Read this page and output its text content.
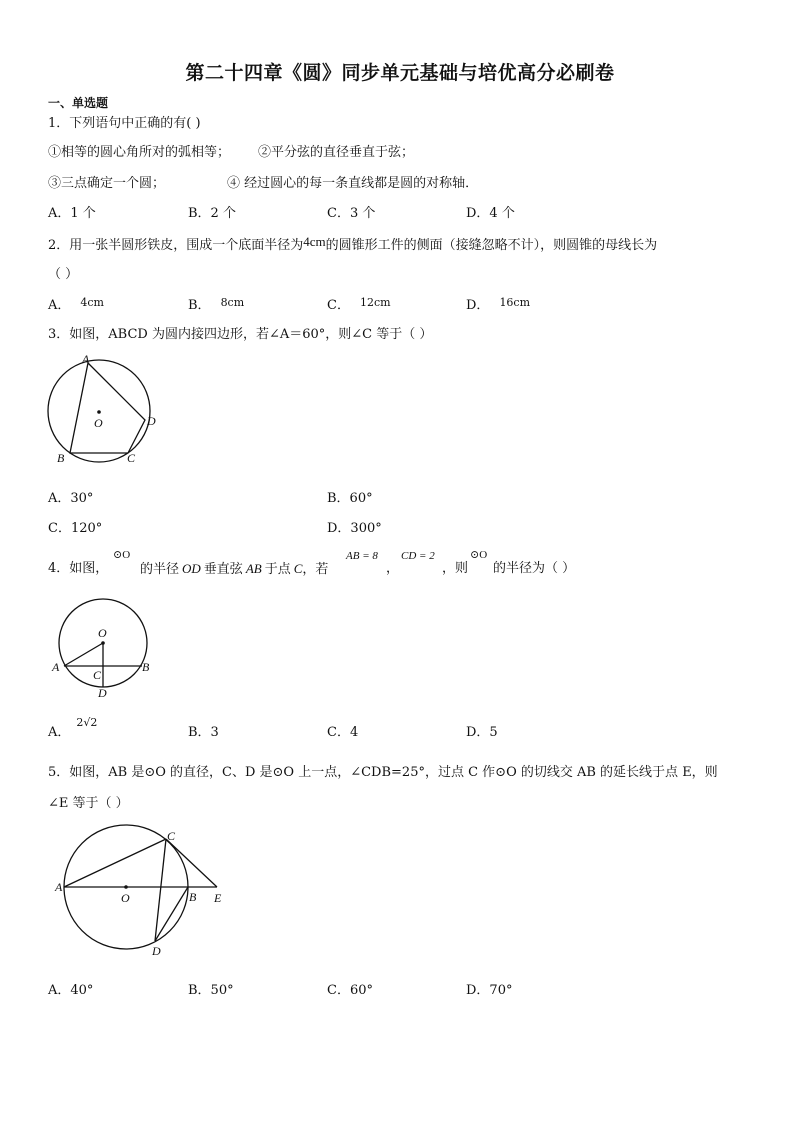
第二十四章《圆》同步单元基础与培优高分必刷卷
一、单选题
1．下列语句中正确的有( )
①相等的圆心角所对的弧相等； ②平分弦的直径垂直于弦；
③三点确定一个圆；	④ 经过圆心的每一条直线都是圆的对称轴．
A．1 个	B．2 个	C．3 个	D．4 个
2．用一张半圆形铁皮，围成一个底面半径为4cm的圆锥形工件的侧面（接缝忽略不计），则圆锥的母线长为
（ ）
A． $^{4cm}$	B． $^{8cm}$	C． $^{12cm}$	D． $^{16cm}$
3．如图，ABCD 为圆内接四边形，若∠A＝60°，则∠C 等于（ ）
A
D
B	C
O
A．30°	B．60°
C．120°	D．300°
4．如图，
⊙O
的半径 OD 垂直弦 AB 于点 C，若
AB = 8
，
CD = 2
，则
⊙O
的半径为（ ）
O
A	B
C
D
A．$^{2√2}$
B．3	C．4	D．5
5．如图，AB 是⊙O 的直径，C、D 是⊙O 上一点，∠CDB=25°，过点 C 作⊙O 的切线交 AB 的延长线于点 E，则
∠E 等于（ ）
A
O	B E
C
D
A．40°	B．50°	C．60°	D．70°
